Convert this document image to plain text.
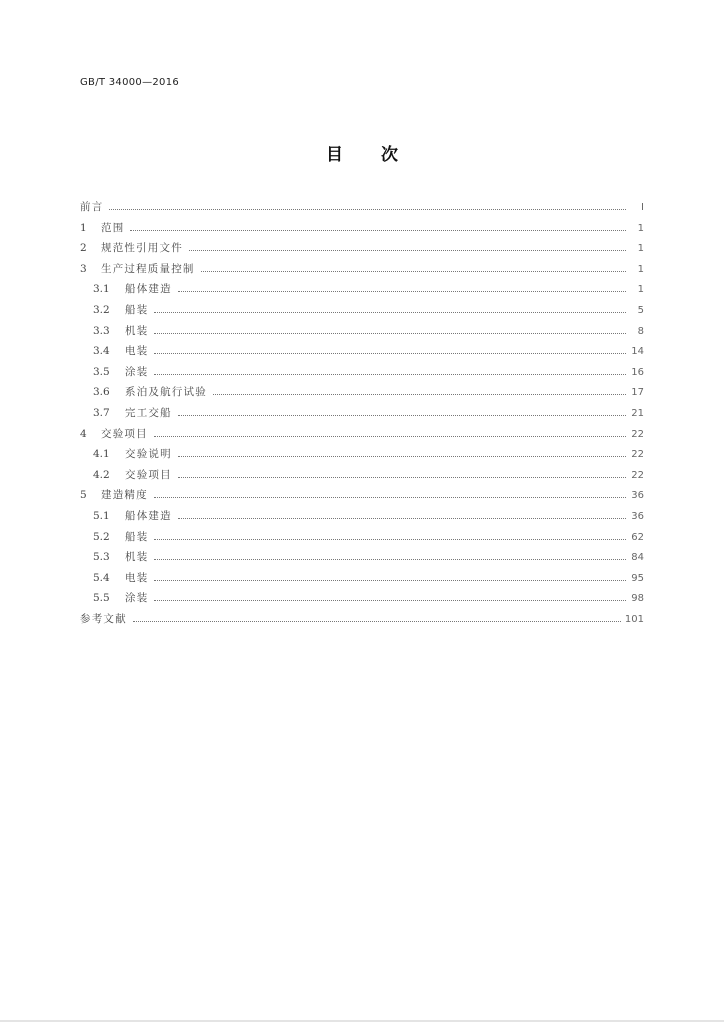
GB/T 34000—2016
目次
前言	Ⅰ
1	范围	1
2	规范性引用文件	1
3	生产过程质量控制	1
3.1	船体建造	1
3.2	船装	5
3.3	机装	8
3.4	电装	14
3.5	涂装	16
3.6	系泊及航行试验	17
3.7	完工交船	21
4	交验项目	22
4.1	交验说明	22
4.2	交验项目	22
5	建造精度	36
5.1	船体建造	36
5.2	船装	62
5.3	机装	84
5.4	电装	95
5.5	涂装	98
参考文献	101
